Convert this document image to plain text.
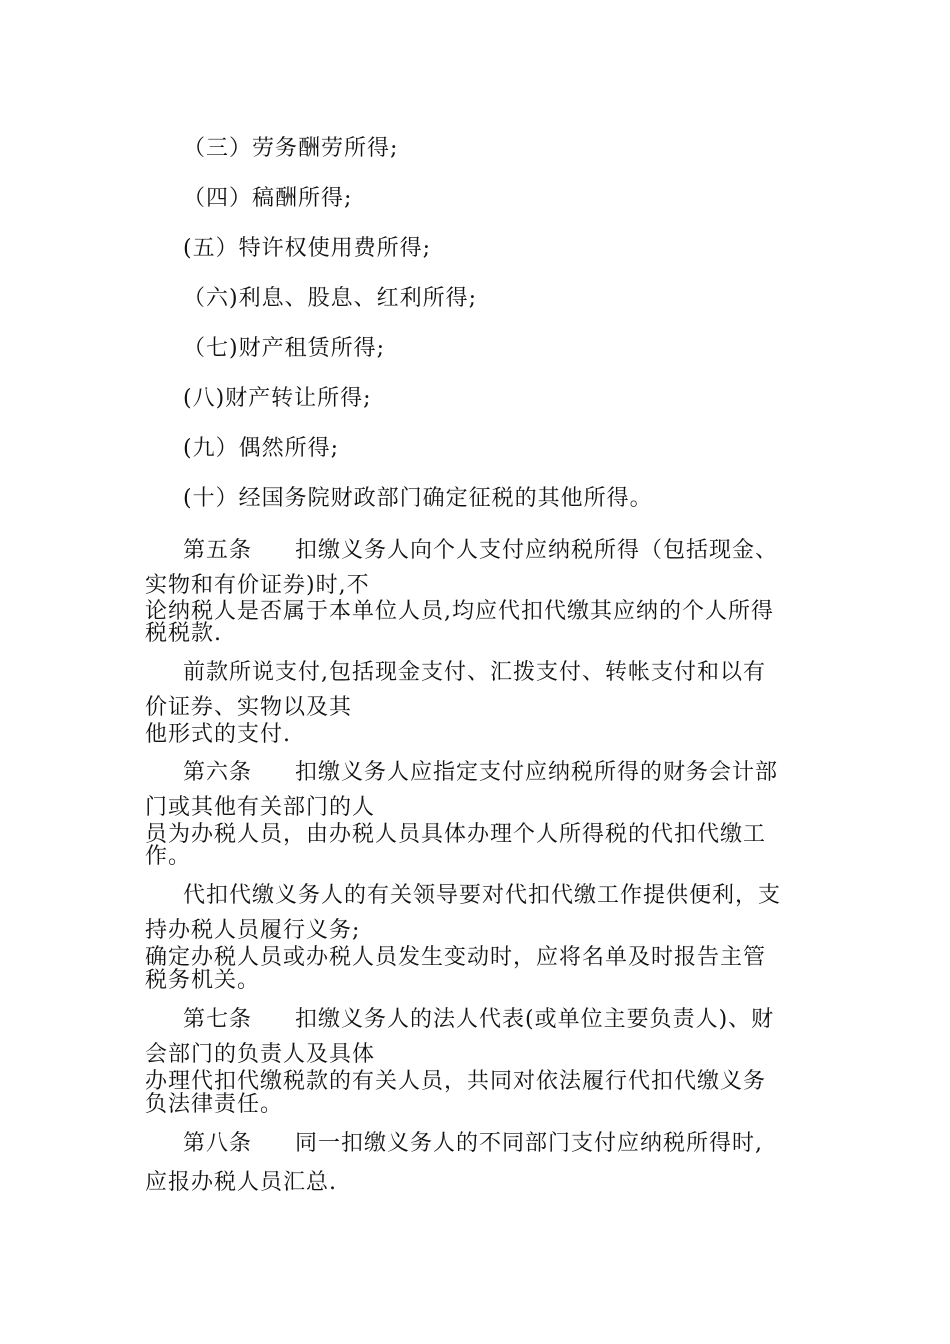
（三）劳务酬劳所得;
（四）稿酬所得;
(五）特许权使用费所得;
（六)利息、股息、红利所得;
（七)财产租赁所得;
(八)财产转让所得;
(九）偶然所得;
(十）经国务院财政部门确定征税的其他所得。
第五条 扣缴义务人向个人支付应纳税所得（包括现金、
实物和有价证券)时,不
论纳税人是否属于本单位人员,均应代扣代缴其应纳的个人所得
税税款.
前款所说支付,包括现金支付、汇拨支付、转帐支付和以有
价证券、实物以及其
他形式的支付.
第六条 扣缴义务人应指定支付应纳税所得的财务会计部
门或其他有关部门的人
员为办税人员，由办税人员具体办理个人所得税的代扣代缴工
作。
代扣代缴义务人的有关领导要对代扣代缴工作提供便利，支
持办税人员履行义务;
确定办税人员或办税人员发生变动时，应将名单及时报告主管
税务机关。
第七条 扣缴义务人的法人代表(或单位主要负责人)、财
会部门的负责人及具体
办理代扣代缴税款的有关人员，共同对依法履行代扣代缴义务
负法律责任。
第八条 同一扣缴义务人的不同部门支付应纳税所得时,
应报办税人员汇总.
